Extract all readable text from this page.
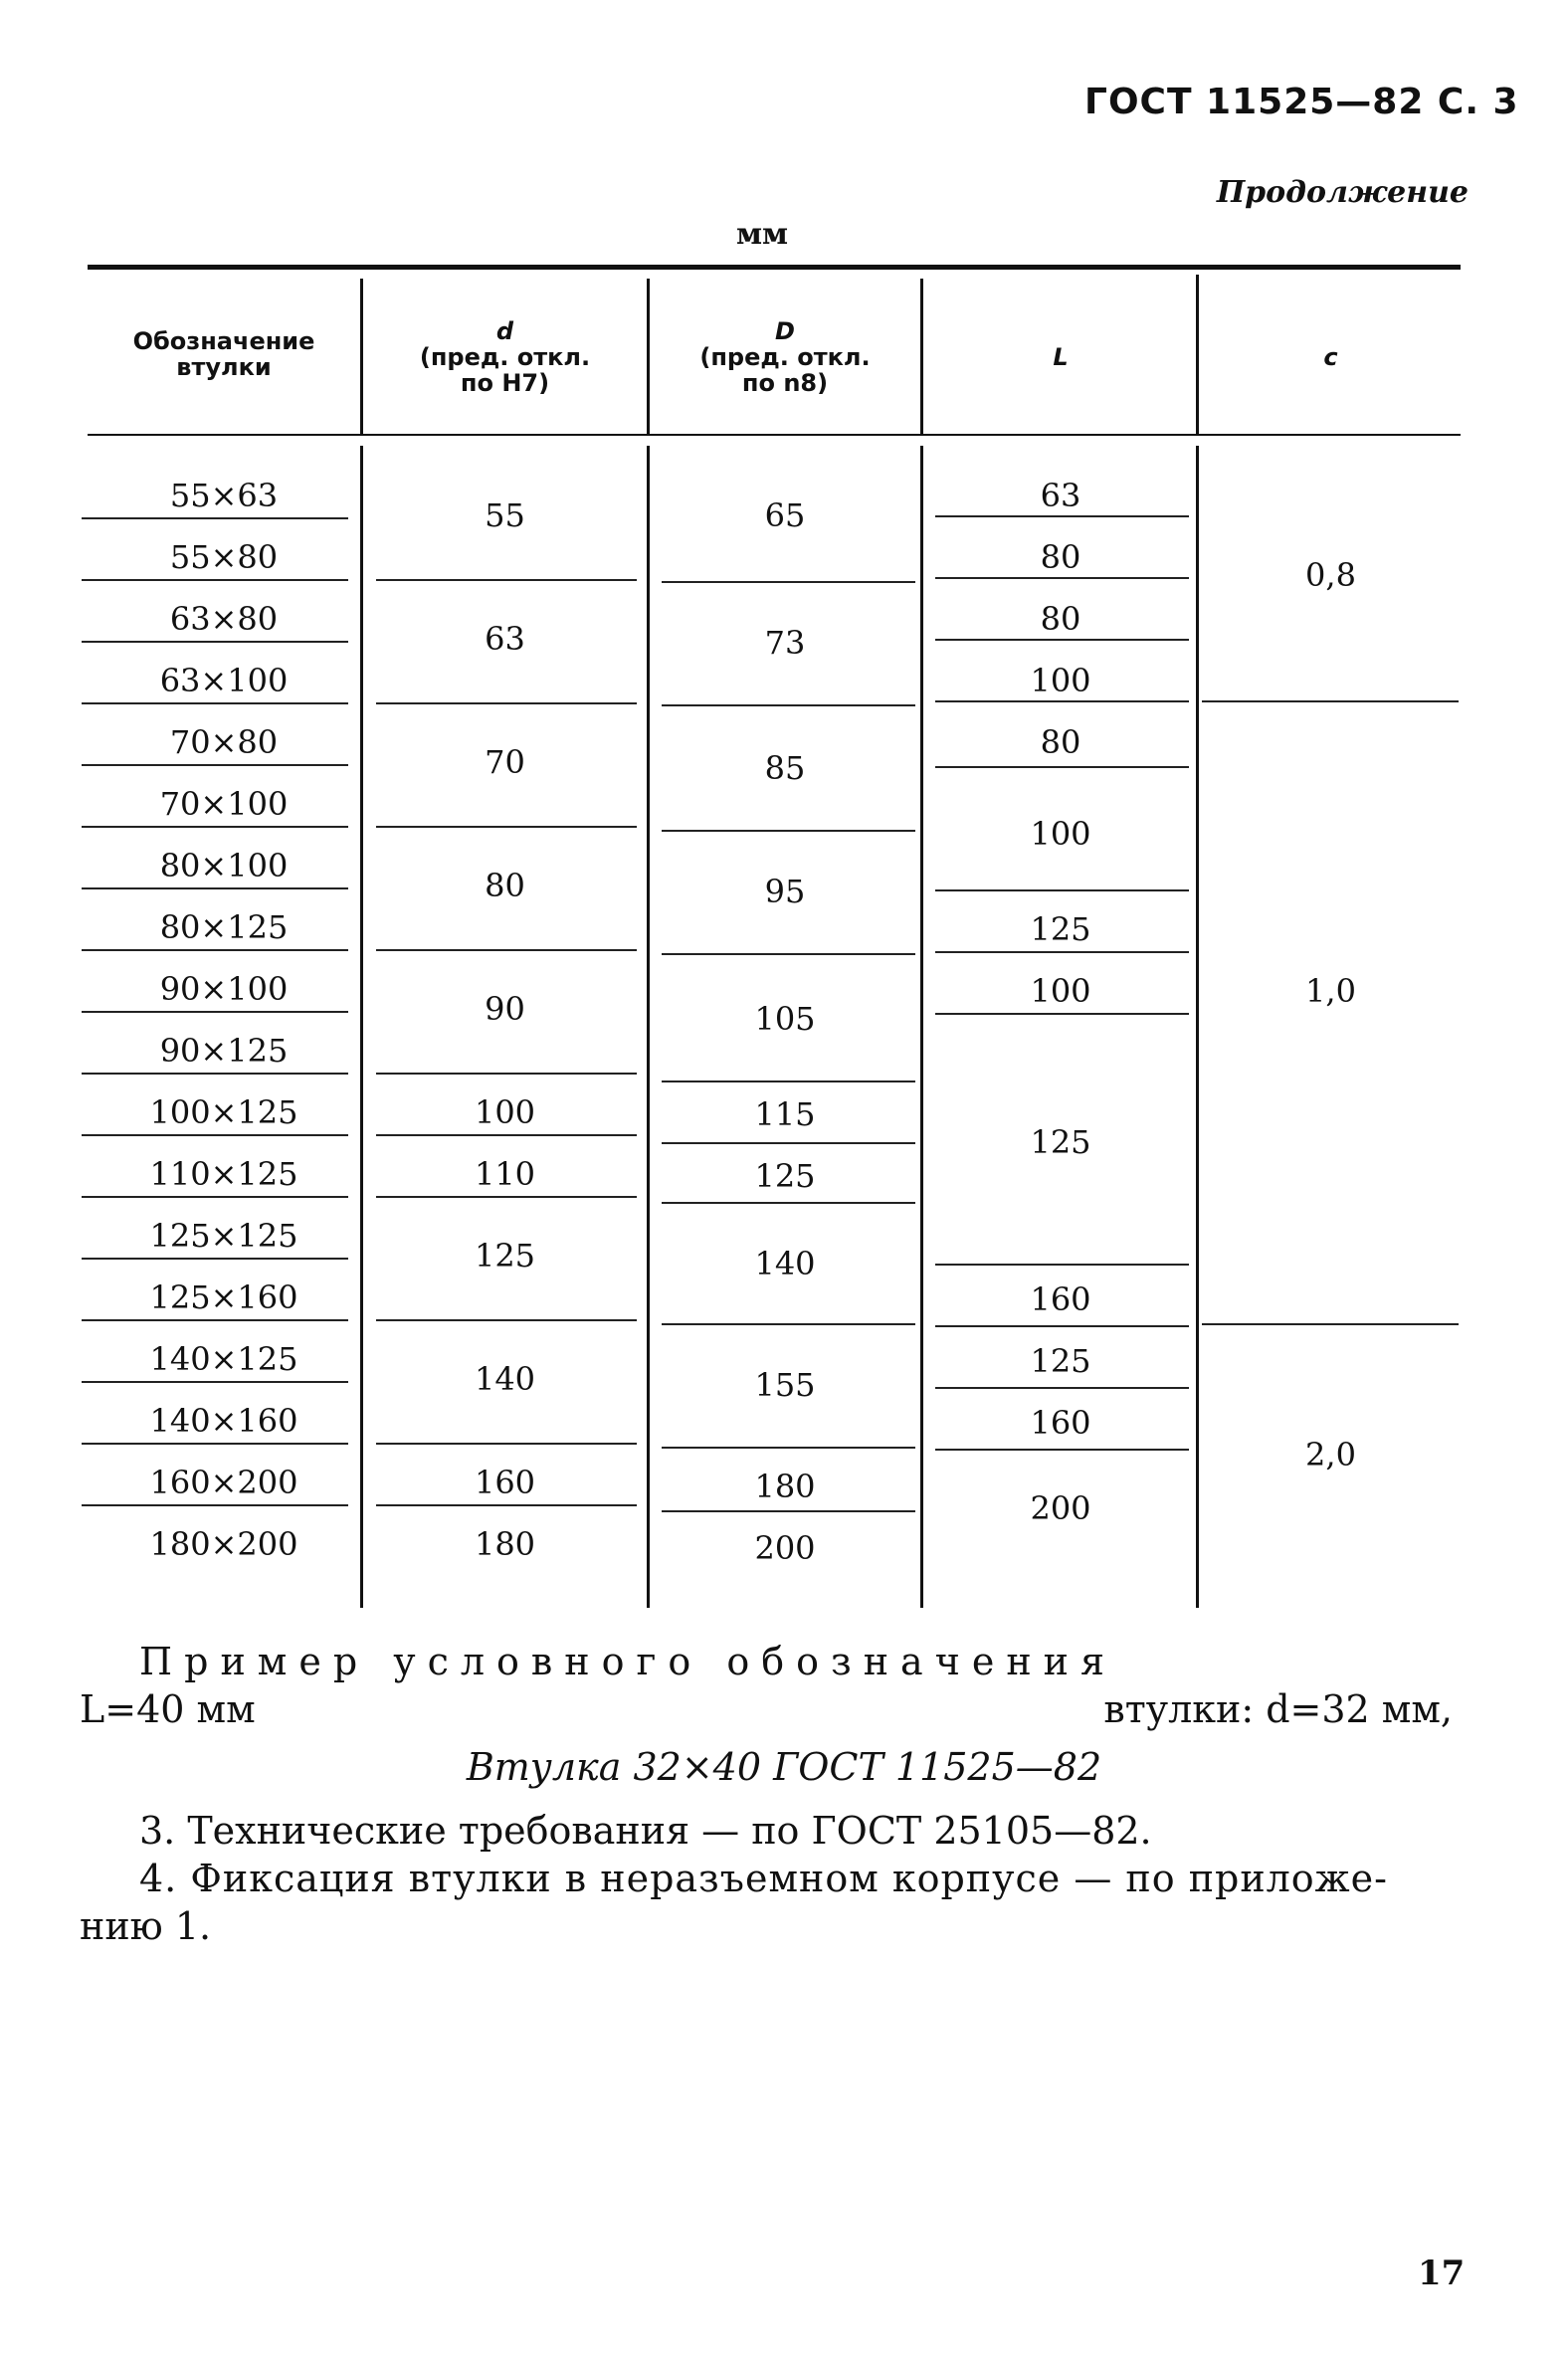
ГОСТ 11525—82 С. 3
Продолжение
мм
Обозначение
втулки
d
(пред. откл.
по H7)
D
(пред. откл.
по n8)
L	c
55×63
55×80
63×80
63×100
70×80
70×100
80×100
80×125
90×100
90×125
100×125
110×125
125×125
125×160
140×125
140×160
160×200
180×200
55
63
70
80
90
100
110
125
140
160
180
65
73
85
95
105
115
125
140
155
180
200
63
80
80
100
80
100
125
100
125
160
125
160
200
0,8
1,0
2,0
Пример условного обозначения
втулки: d=32 мм,
L=40 мм
Втулка 32×40 ГОСТ 11525—82
3. Технические требования — по ГОСТ 25105—82.
4. Фиксация втулки в неразъемном корпусе — по приложе-
нию 1.
17
